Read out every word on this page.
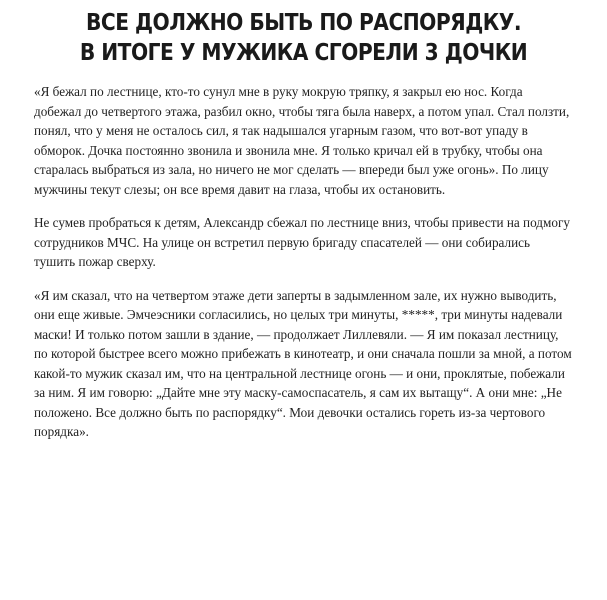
ВСЕ ДОЛЖНО БЫТЬ ПО РАСПОРЯДКУ.
В ИТОГЕ У МУЖИКА СГОРЕЛИ 3 ДОЧКИ

«Я бежал по лестнице, кто-то сунул мне в руку мокрую тряпку, я закрыл ею нос. Когда добежал до четвертого этажа, разбил окно, чтобы тяга была наверх, а потом упал. Стал ползти, понял, что у меня не осталось сил, я так надышался угарным газом, что вот-вот упаду в обморок. Дочка постоянно звонила и звонила мне. Я только кричал ей в трубку, чтобы она старалась выбраться из зала, но ничего не мог сделать — впереди был уже огонь». По лицу мужчины текут слезы; он все время давит на глаза, чтобы их остановить.

Не сумев пробраться к детям, Александр сбежал по лестнице вниз, чтобы привести на подмогу сотрудников МЧС. На улице он встретил первую бригаду спасателей — они собирались тушить пожар сверху.

«Я им сказал, что на четвертом этаже дети заперты в задымленном зале, их нужно выводить, они еще живые. Эмчеэсники согласились, но целых три минуты, *****, три минуты надевали маски! И только потом зашли в здание, — продолжает Лиллевяли. — Я им показал лестницу, по которой быстрее всего можно прибежать в кинотеатр, и они сначала пошли за мной, а потом какой-то мужик сказал им, что на центральной лестнице огонь — и они, проклятые, побежали за ним. Я им говорю: „Дайте мне эту маску-самоспасатель, я сам их вытащу“. А они мне: „Не положено. Все должно быть по распорядку“. Мои девочки остались гореть из-за чертового порядка».
